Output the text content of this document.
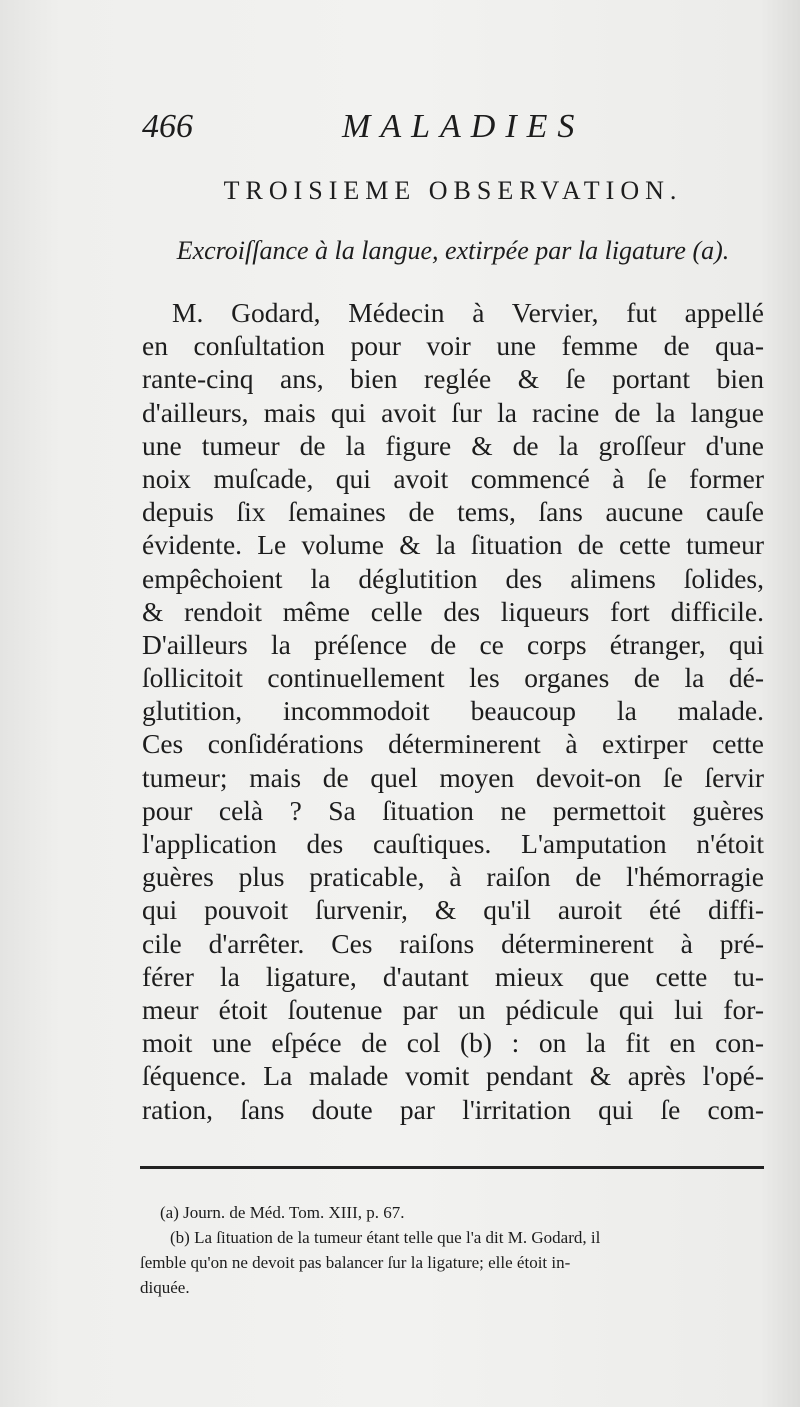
466	MALADIES
TROISIEME OBSERVATION.
Excroiſſance à la langue, extirpée par la ligature (a).
M. Godard, Médecin à Vervier, fut appellé
en conſultation pour voir une femme de qua-
rante-cinq ans, bien reglée & ſe portant bien
d'ailleurs, mais qui avoit ſur la racine de la langue
une tumeur de la figure & de la groſſeur d'une
noix muſcade, qui avoit commencé à ſe former
depuis ſix ſemaines de tems, ſans aucune cauſe
évidente. Le volume & la ſituation de cette tumeur
empêchoient la déglutition des alimens ſolides,
& rendoit même celle des liqueurs fort difficile.
D'ailleurs la préſence de ce corps étranger, qui
ſollicitoit continuellement les organes de la dé-
glutition, incommodoit beaucoup la malade.
Ces conſidérations déterminerent à extirper cette
tumeur; mais de quel moyen devoit-on ſe ſervir
pour celà ? Sa ſituation ne permettoit guères
l'application des cauſtiques. L'amputation n'étoit
guères plus praticable, à raiſon de l'hémorragie
qui pouvoit ſurvenir, & qu'il auroit été diffi-
cile d'arrêter. Ces raiſons déterminerent à pré-
férer la ligature, d'autant mieux que cette tu-
meur étoit ſoutenue par un pédicule qui lui for-
moit une eſpéce de col (b) : on la fit en con-
ſéquence. La malade vomit pendant & après l'opé-
ration, ſans doute par l'irritation qui ſe com-
(a) Journ. de Méd. Tom. XIII, p. 67.
(b) La ſituation de la tumeur étant telle que l'a dit M. Godard, il
ſemble qu'on ne devoit pas balancer ſur la ligature; elle étoit in-
diquée.
